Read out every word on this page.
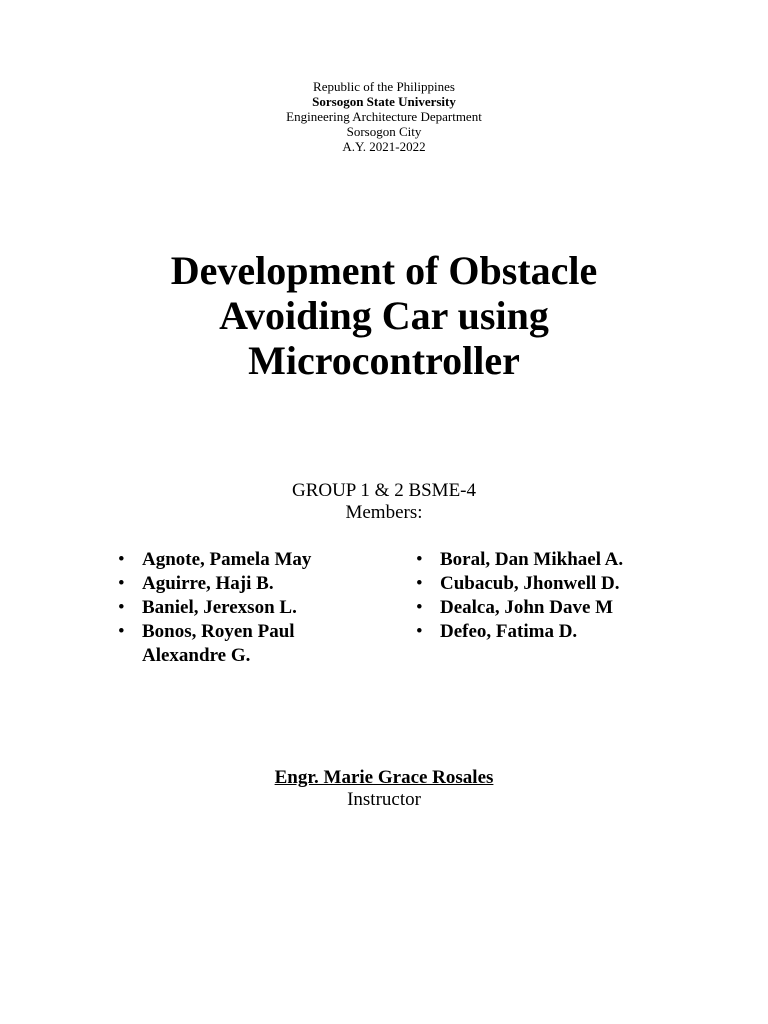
Republic of the Philippines
Sorsogon State University
Engineering Architecture Department
Sorsogon City
A.Y. 2021-2022
Development of Obstacle
Avoiding Car using
Microcontroller
GROUP 1 & 2 BSME-4
Members:
• Agnote, Pamela May
• Aguirre, Haji B.
• Baniel, Jerexson L.
• Bonos, Royen Paul Alexandre G.
• Boral, Dan Mikhael A.
• Cubacub, Jhonwell D.
• Dealca, John Dave M
• Defeo, Fatima D.
Engr. Marie Grace Rosales
Instructor
